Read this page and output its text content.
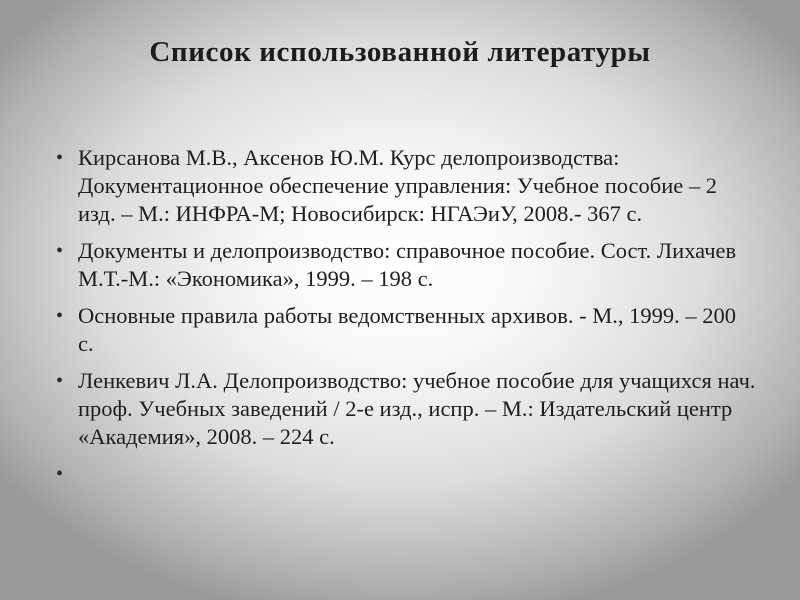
Список использованной литературы
• Кирсанова М.В., Аксенов Ю.М. Курс делопроизводства: Документационное обеспечение управления: Учебное пособие – 2 изд. – М.: ИНФРА-М; Новосибирск: НГАЭиУ, 2008.- 367 с.
• Документы и делопроизводство: справочное пособие. Сост. Лихачев М.Т.-М.: «Экономика», 1999. – 198 с.
• Основные правила работы ведомственных архивов. - М., 1999. – 200 с.
• Ленкевич Л.А. Делопроизводство: учебное пособие для учащихся нач. проф. Учебных заведений / 2-е изд., испр. – М.: Издательский центр «Академия», 2008. – 224 с.
•
